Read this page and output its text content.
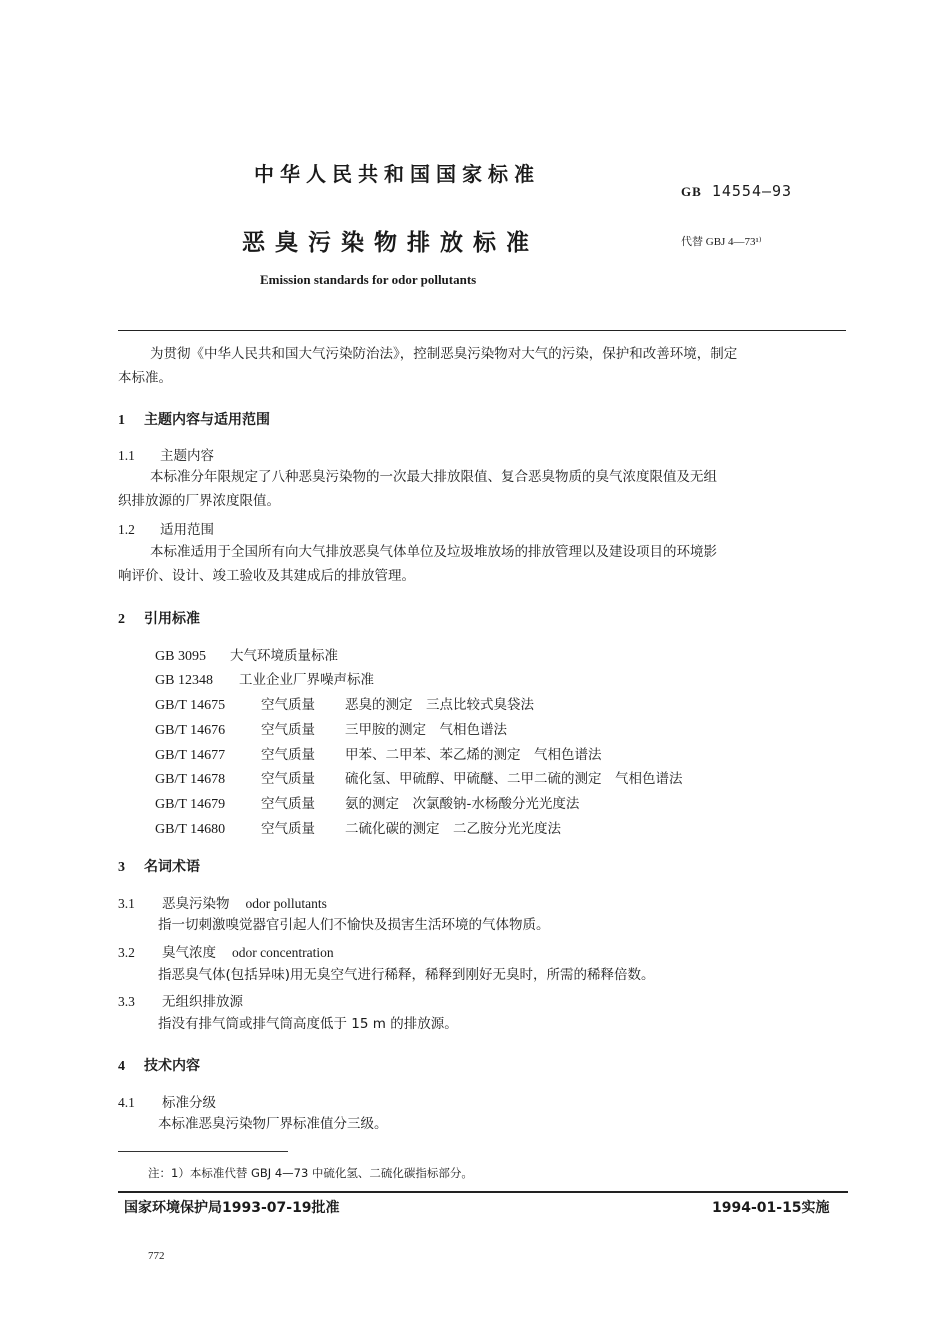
中华人民共和国国家标准
GB 14554—93
恶臭污染物排放标准	代替 GBJ 4—73¹⁾
Emission standards for odor pollutants
为贯彻《中华人民共和国大气污染防治法》，控制恶臭污染物对大气的污染，保护和改善环境，制定
本标准。
1 主题内容与适用范围
1.1 主题内容
本标准分年限规定了八种恶臭污染物的一次最大排放限值、复合恶臭物质的臭气浓度限值及无组
织排放源的厂界浓度限值。
1.2 适用范围
本标准适用于全国所有向大气排放恶臭气体单位及垃圾堆放场的排放管理以及建设项目的环境影
响评价、设计、竣工验收及其建成后的排放管理。
2 引用标准
GB 3095 大气环境质量标准
GB 12348 工业企业厂界噪声标准
GB/T 14675	空气质量 恶臭的测定　三点比较式臭袋法
GB/T 14676	空气质量 三甲胺的测定　气相色谱法
GB/T 14677	空气质量 甲苯、二甲苯、苯乙烯的测定　气相色谱法
GB/T 14678	空气质量 硫化氢、甲硫醇、甲硫醚、二甲二硫的测定　气相色谱法
GB/T 14679	空气质量 氨的测定　次氯酸钠-水杨酸分光光度法
GB/T 14680	空气质量 二硫化碳的测定　二乙胺分光光度法
3 名词术语
3.1 恶臭污染物 odor pollutants
指一切刺激嗅觉器官引起人们不愉快及损害生活环境的气体物质。
3.2 臭气浓度 odor concentration
指恶臭气体(包括异味)用无臭空气进行稀释，稀释到刚好无臭时，所需的稀释倍数。
3.3 无组织排放源
指没有排气筒或排气筒高度低于 15 m 的排放源。
4 技术内容
4.1 标准分级
本标准恶臭污染物厂界标准值分三级。
注：1）本标准代替 GBJ 4—73 中硫化氢、二硫化碳指标部分。
国家环境保护局1993-07-19批准	1994-01-15实施
772
